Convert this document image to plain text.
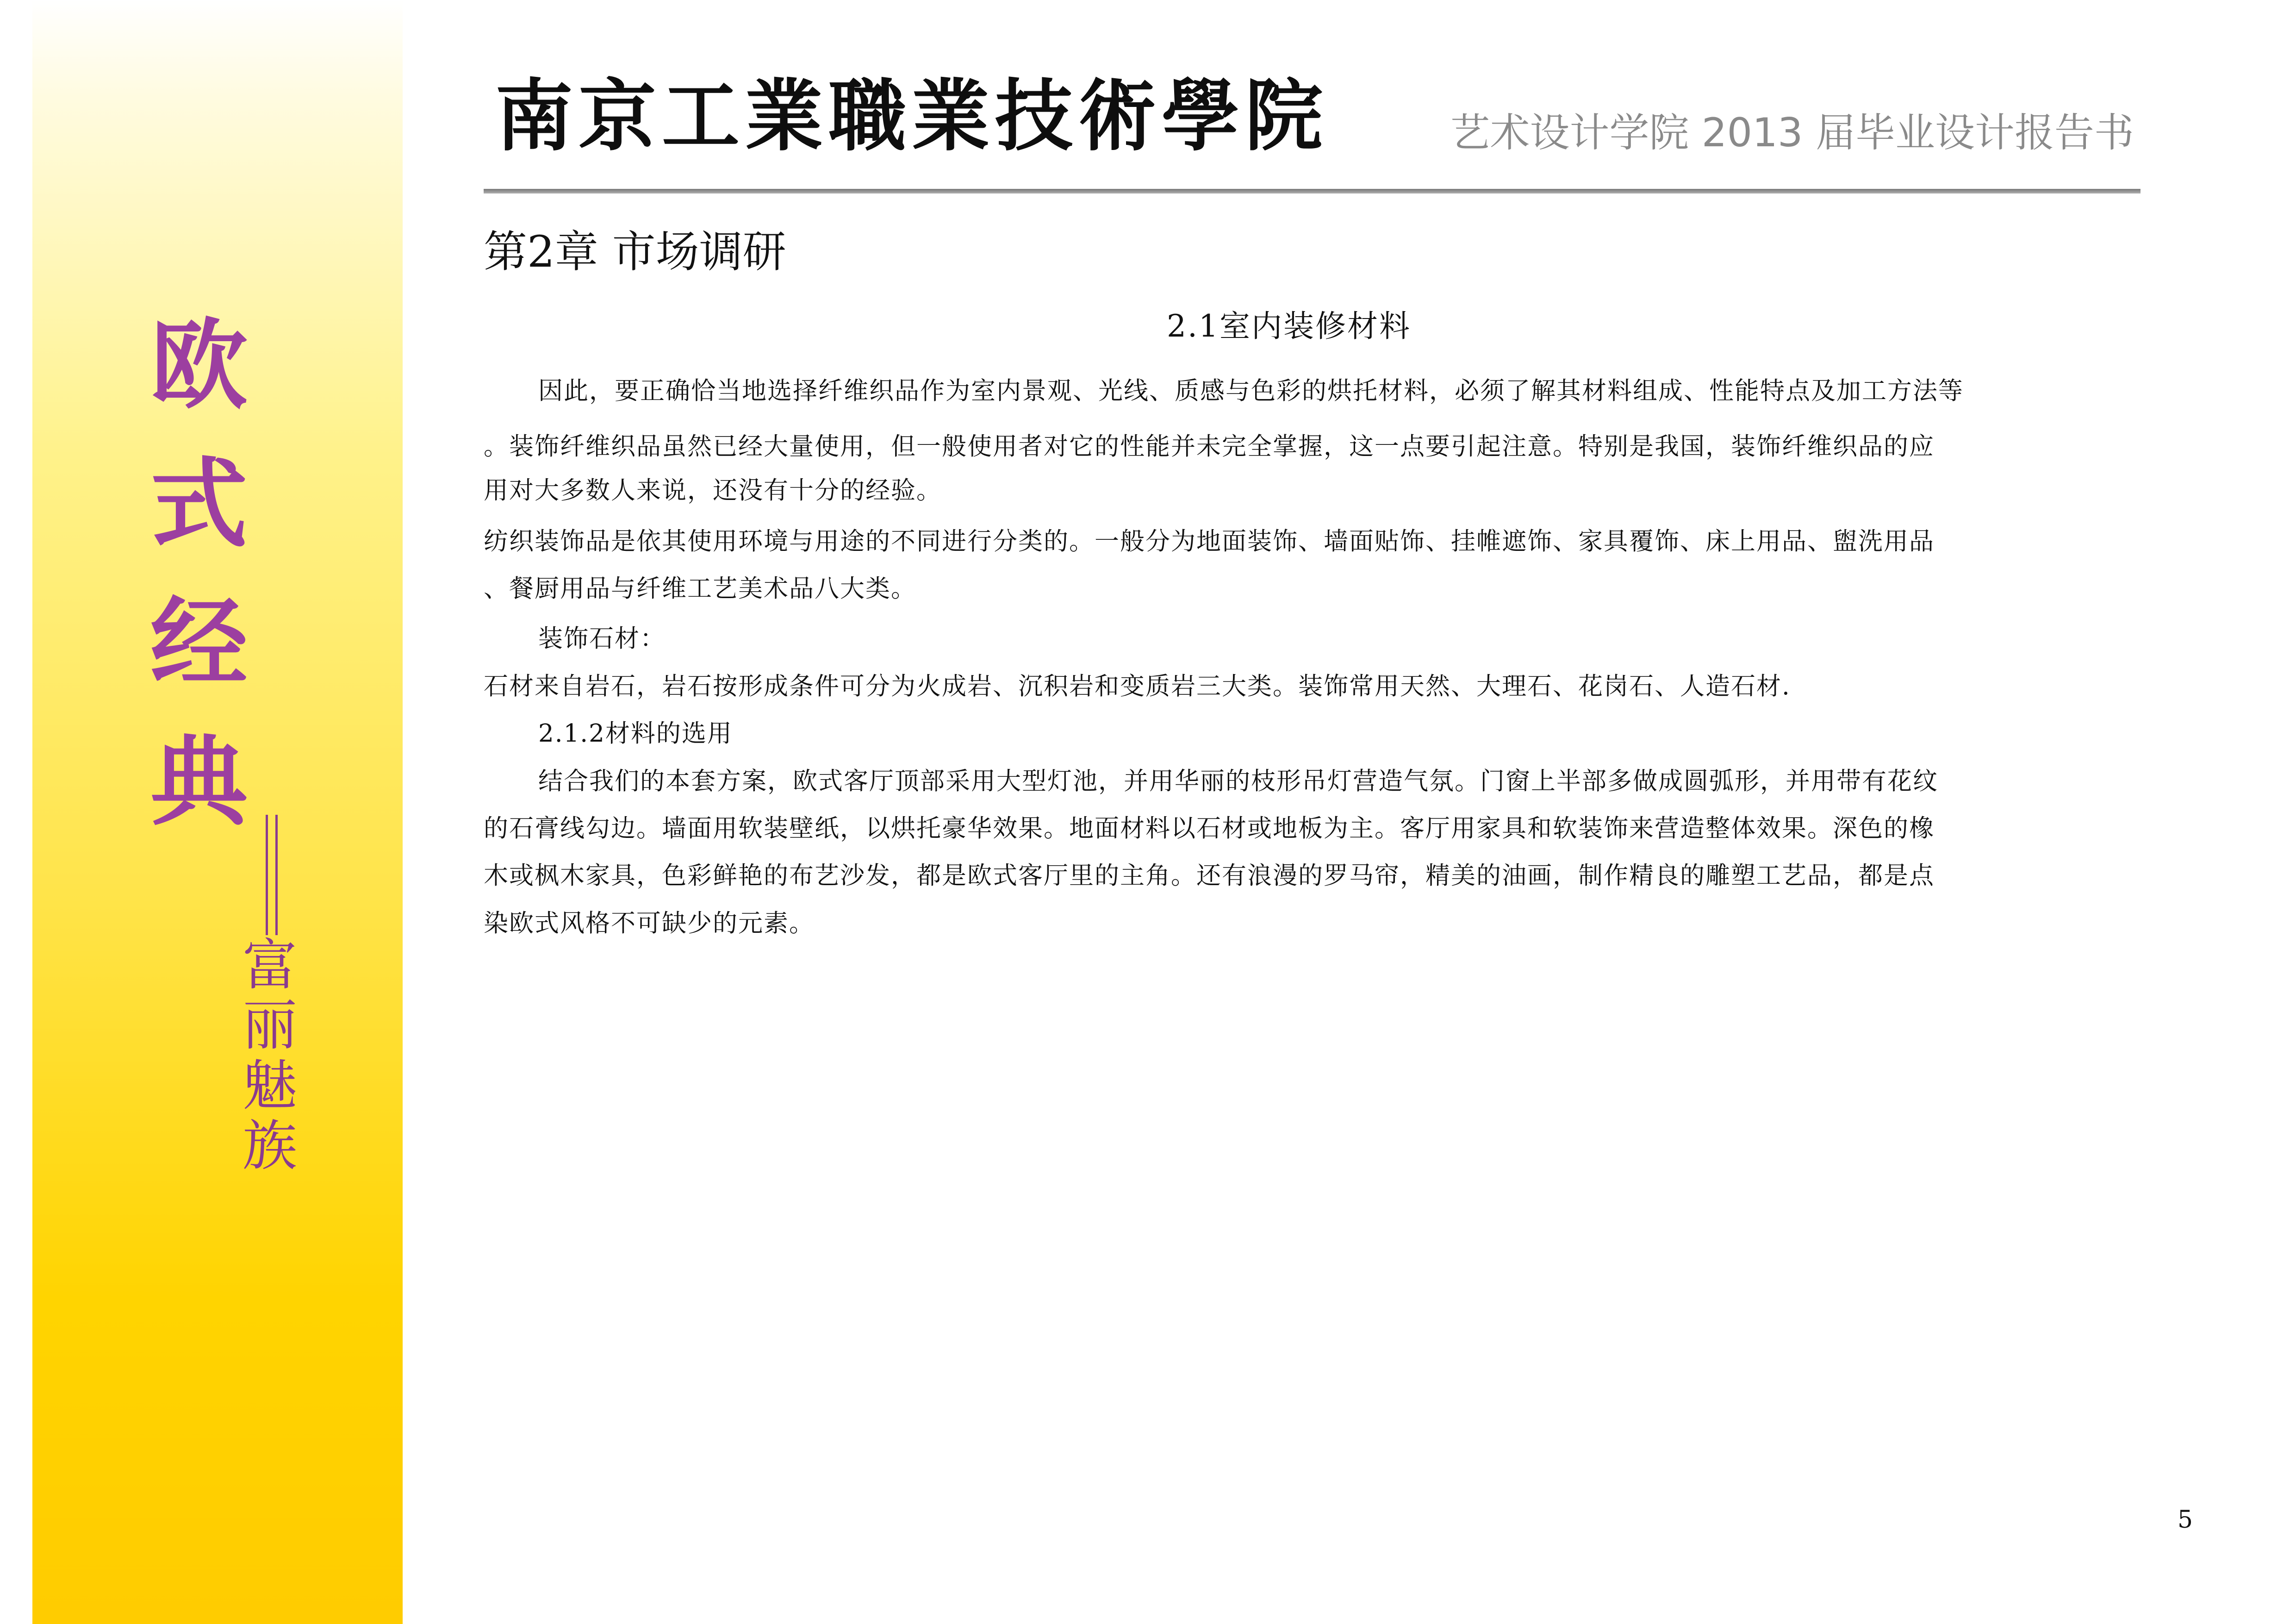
欧
式
经
典
富
丽
魅
族
南京工業職業技術學院	艺术设计学院 2013 届毕业设计报告书
第2章 市场调研
2.1室内装修材料
因此，要正确恰当地选择纤维织品作为室内景观、光线、质感与色彩的烘托材料，必须了解其材料组成、性能特点及加工方法等
。装饰纤维织品虽然已经大量使用，但一般使用者对它的性能并未完全掌握，这一点要引起注意。特别是我国，装饰纤维织品的应
用对大多数人来说，还没有十分的经验。
纺织装饰品是依其使用环境与用途的不同进行分类的。一般分为地面装饰、墙面贴饰、挂帷遮饰、家具覆饰、床上用品、盥洗用品
、餐厨用品与纤维工艺美术品八大类。
装饰石材：
石材来自岩石，岩石按形成条件可分为火成岩、沉积岩和变质岩三大类。装饰常用天然、大理石、花岗石、人造石材.
2.1.2材料的选用
结合我们的本套方案，欧式客厅顶部采用大型灯池，并用华丽的枝形吊灯营造气氛。门窗上半部多做成圆弧形，并用带有花纹
的石膏线勾边。墙面用软装壁纸，以烘托豪华效果。地面材料以石材或地板为主。客厅用家具和软装饰来营造整体效果。深色的橡
木或枫木家具，色彩鲜艳的布艺沙发，都是欧式客厅里的主角。还有浪漫的罗马帘，精美的油画，制作精良的雕塑工艺品，都是点
染欧式风格不可缺少的元素。
5
